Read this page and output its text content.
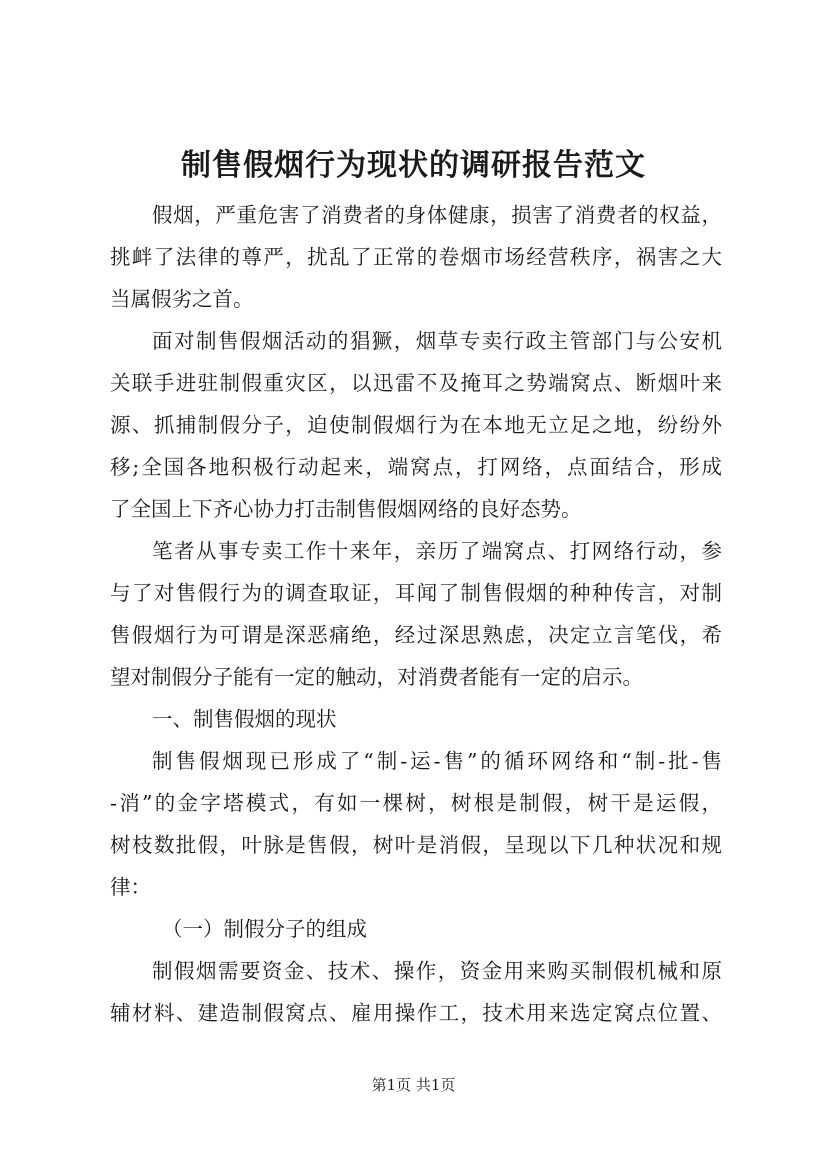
制售假烟行为现状的调研报告范文
假烟，严重危害了消费者的身体健康，损害了消费者的权益，
挑衅了法律的尊严，扰乱了正常的卷烟市场经营秩序，祸害之大
当属假劣之首。
面对制售假烟活动的猖獗，烟草专卖行政主管部门与公安机
关联手进驻制假重灾区，以迅雷不及掩耳之势端窝点、断烟叶来
源、抓捕制假分子，迫使制假烟行为在本地无立足之地，纷纷外
移;全国各地积极行动起来，端窝点，打网络，点面结合，形成
了全国上下齐心协力打击制售假烟网络的良好态势。
笔者从事专卖工作十来年，亲历了端窝点、打网络行动，参
与了对售假行为的调查取证，耳闻了制售假烟的种种传言，对制
售假烟行为可谓是深恶痛绝，经过深思熟虑，决定立言笔伐，希
望对制假分子能有一定的触动，对消费者能有一定的启示。
一、制售假烟的现状
制售假烟现已形成了“制-运-售”的循环网络和“制-批-售
-消”的金字塔模式，有如一棵树，树根是制假，树干是运假，
树枝数批假，叶脉是售假，树叶是消假，呈现以下几种状况和规
律：
（一）制假分子的组成
制假烟需要资金、技术、操作，资金用来购买制假机械和原
辅材料、建造制假窝点、雇用操作工，技术用来选定窝点位置、
第1页 共1页
